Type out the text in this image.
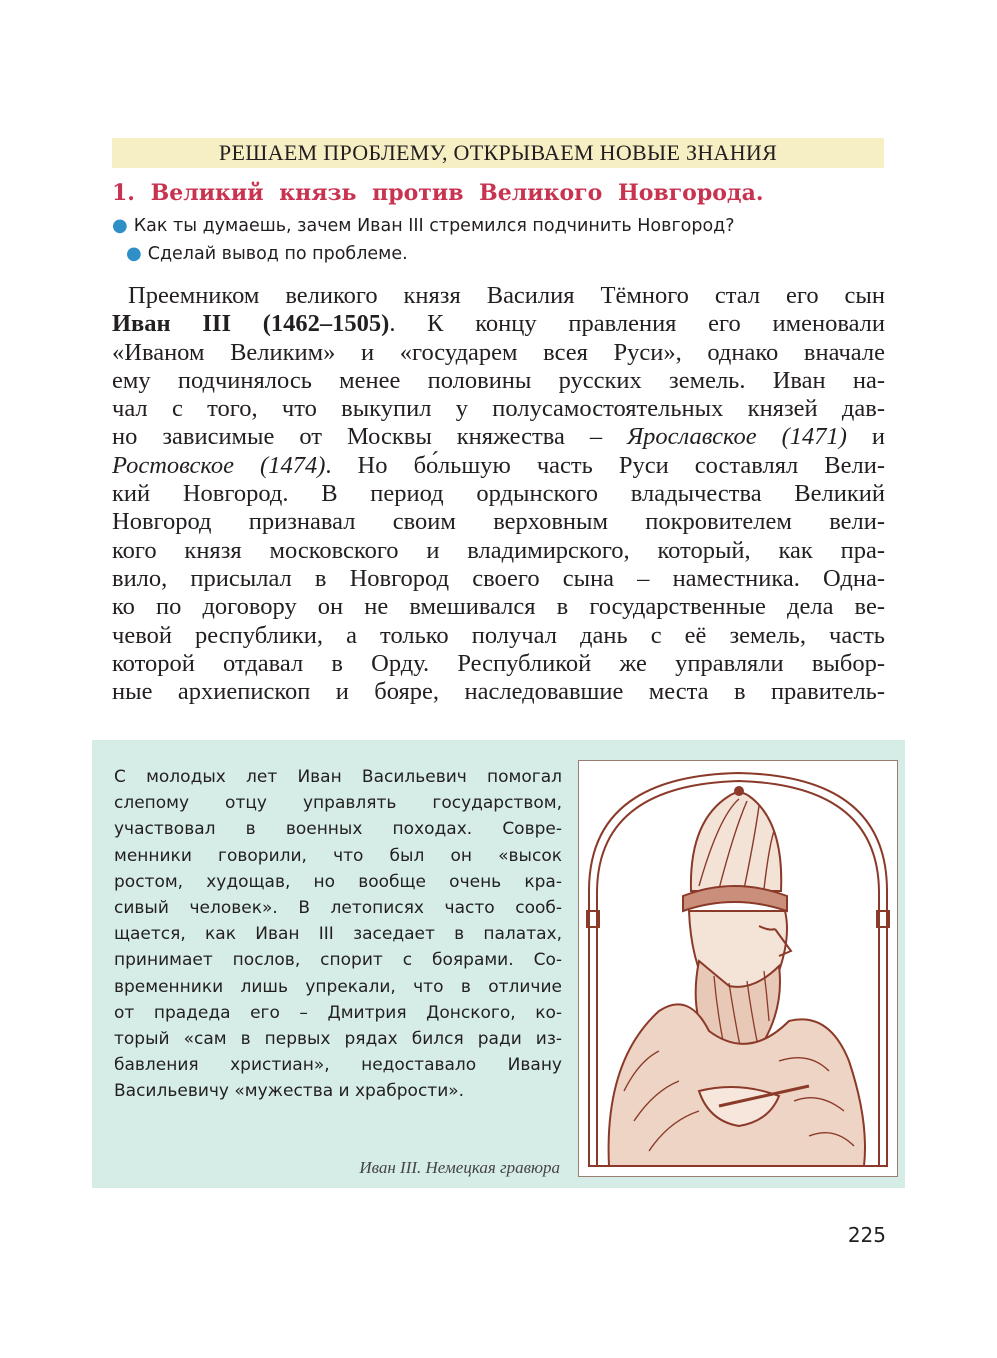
РЕШАЕМ ПРОБЛЕМУ, ОТКРЫВАЕМ НОВЫЕ ЗНАНИЯ
1. Великий князь против Великого Новгорода.
● Как ты думаешь, зачем Иван III стремился подчинить Новгород?
● Сделай вывод по проблеме.
Преемником великого князя Василия Тёмного стал его сын
Иван III (1462–1505). К концу правления его именовали
«Иваном Великим» и «государем всея Руси», однако вначале
ему подчинялось менее половины русских земель. Иван на-
чал с того, что выкупил у полусамостоятельных князей дав-
но зависимые от Москвы княжества – Ярославское (1471) и
Ростовское (1474). Но бо́льшую часть Руси составлял Вели-
кий Новгород. В период ордынского владычества Великий
Новгород признавал своим верховным покровителем вели-
кого князя московского и владимирского, который, как пра-
вило, присылал в Новгород своего сына – наместника. Одна-
ко по договору он не вмешивался в государственные дела ве-
чевой республики, а только получал дань с её земель, часть
которой отдавал в Орду. Республикой же управляли выбор-
ные архиепископ и бояре, наследовавшие места в правитель-
С молодых лет Иван Васильевич помогал
слепому отцу управлять государством,
участвовал в военных походах. Совре-
менники говорили, что был он «высок
ростом, худощав, но вообще очень кра-
сивый человек». В летописях часто сооб-
щается, как Иван III заседает в палатах,
принимает послов, спорит с боярами. Со-
временники лишь упрекали, что в отличие
от прадеда его – Дмитрия Донского, ко-
торый «сам в первых рядах бился ради из-
бавления христиан», недоставало Ивану
Васильевичу «мужества и храбрости».
Иван III. Немецкая гравюра
225
